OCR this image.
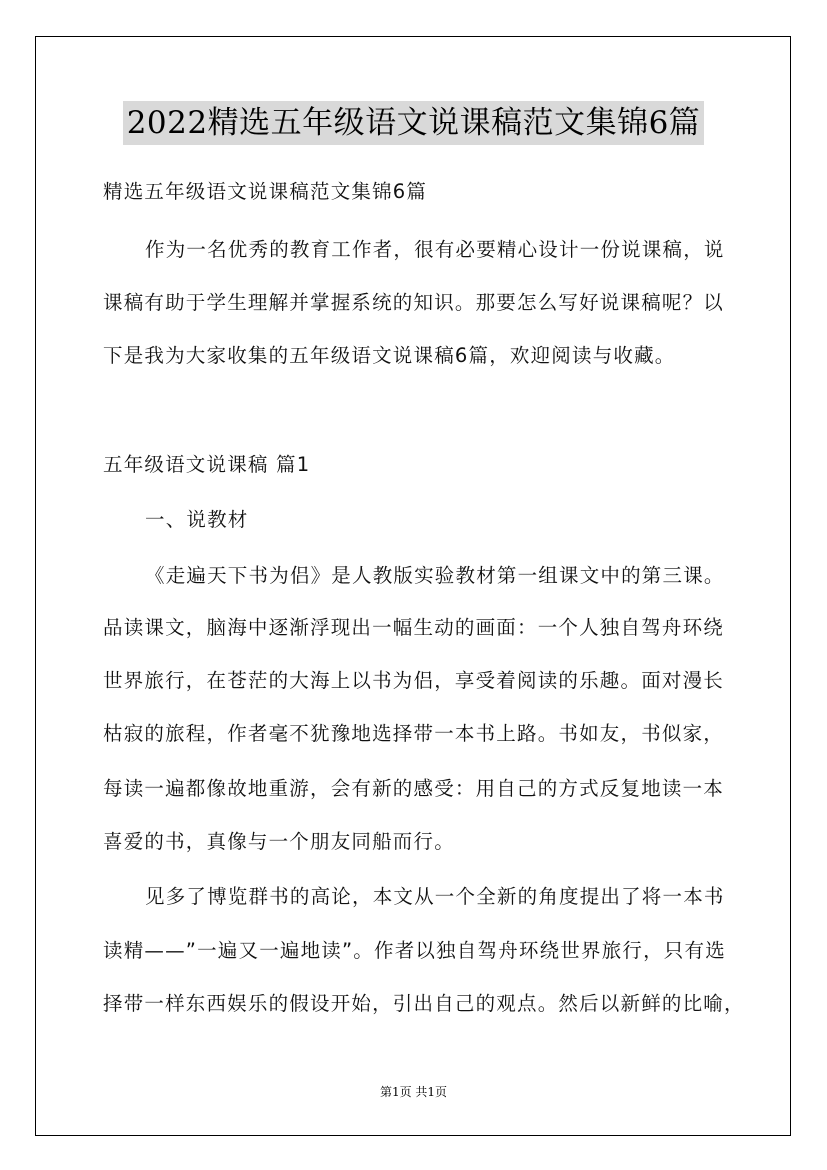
2022精选五年级语文说课稿范文集锦6篇
精选五年级语文说课稿范文集锦6篇
作为一名优秀的教育工作者，很有必要精心设计一份说课稿，说
课稿有助于学生理解并掌握系统的知识。那要怎么写好说课稿呢？以
下是我为大家收集的五年级语文说课稿6篇，欢迎阅读与收藏。
五年级语文说课稿 篇1
一、说教材
《走遍天下书为侣》是人教版实验教材第一组课文中的第三课。
品读课文，脑海中逐渐浮现出一幅生动的画面：一个人独自驾舟环绕
世界旅行，在苍茫的大海上以书为侣，享受着阅读的乐趣。面对漫长
枯寂的旅程，作者毫不犹豫地选择带一本书上路。书如友，书似家，
每读一遍都像故地重游，会有新的感受：用自己的方式反复地读一本
喜爱的书，真像与一个朋友同船而行。
见多了博览群书的高论，本文从一个全新的角度提出了将一本书
读精——”一遍又一遍地读”。作者以独自驾舟环绕世界旅行，只有选
择带一样东西娱乐的假设开始，引出自己的观点。然后以新鲜的比喻，
第1页 共1页
